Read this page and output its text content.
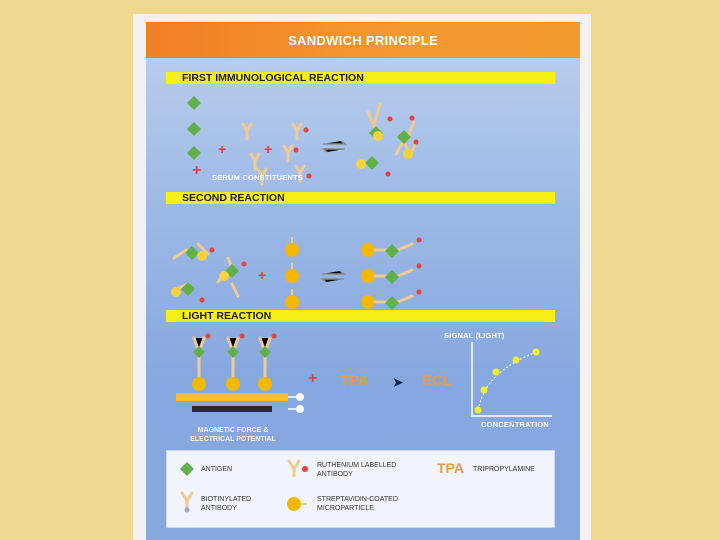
SANDWICH PRINCIPLE
FIRST IMMUNOLOGICAL REACTION
+	+
+ SERUM CONSTITUENTS
SECOND REACTION
+
LIGHT REACTION
+ TPA ➤ ECL
MAGNETIC FORCE &
ELECTRICAL POTENTIAL
SIGNAL (LIGHT)
CONCENTRATION
ANTIGEN
RUTHENIUM LABELLED
ANTIBODY	TPA TRIPROPYLAMINE
BIOTINYLATED
ANTIBODY
STREPTAVIDIN-COATED
MICROPARTICLE
